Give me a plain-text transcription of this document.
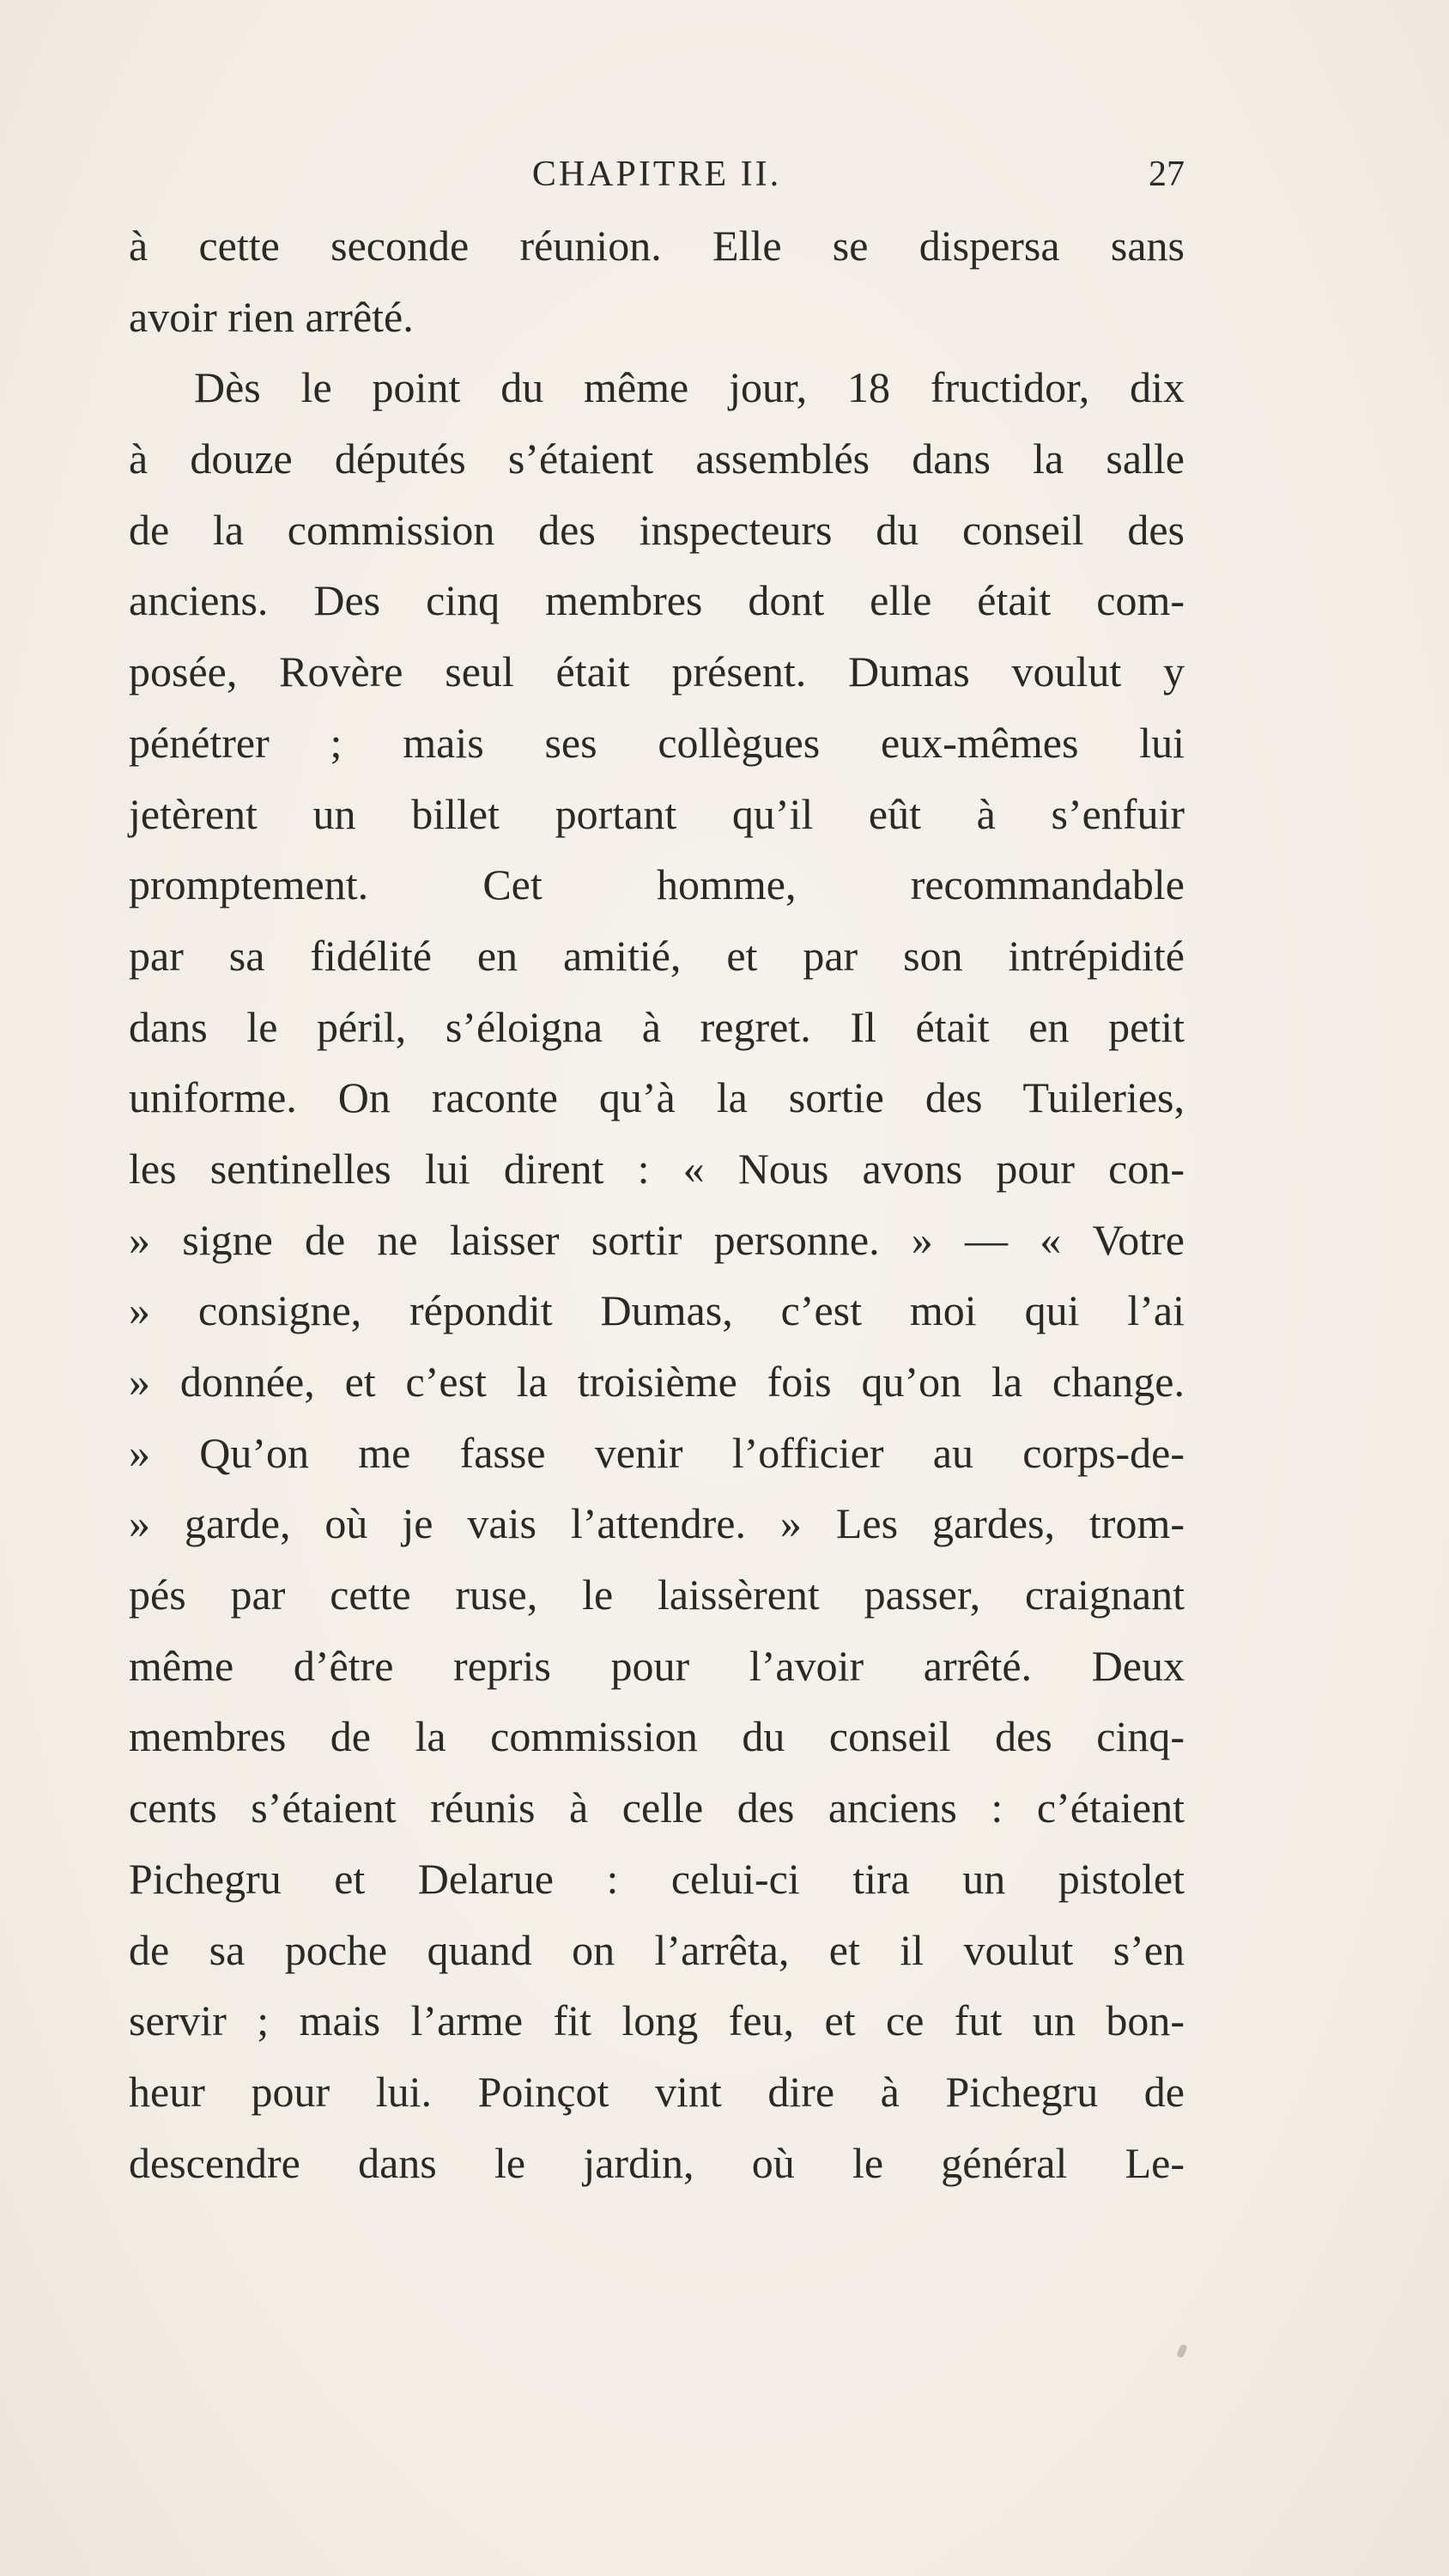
CHAPITRE II.	27
à cette seconde réunion. Elle se dispersa sans
avoir rien arrêté.
Dès le point du même jour, 18 fructidor, dix
à douze députés s’étaient assemblés dans la salle
de la commission des inspecteurs du conseil des
anciens. Des cinq membres dont elle était com-
posée, Rovère seul était présent. Dumas voulut y
pénétrer ; mais ses collègues eux-mêmes lui
jetèrent un billet portant qu’il eût à s’enfuir
promptement. Cet homme, recommandable
par sa fidélité en amitié, et par son intrépidité
dans le péril, s’éloigna à regret. Il était en petit
uniforme. On raconte qu’à la sortie des Tuileries,
les sentinelles lui dirent : « Nous avons pour con-
» signe de ne laisser sortir personne. » — « Votre
» consigne, répondit Dumas, c’est moi qui l’ai
» donnée, et c’est la troisième fois qu’on la change.
» Qu’on me fasse venir l’officier au corps-de-
» garde, où je vais l’attendre. » Les gardes, trom-
pés par cette ruse, le laissèrent passer, craignant
même d’être repris pour l’avoir arrêté. Deux
membres de la commission du conseil des cinq-
cents s’étaient réunis à celle des anciens : c’étaient
Pichegru et Delarue : celui-ci tira un pistolet
de sa poche quand on l’arrêta, et il voulut s’en
servir ; mais l’arme fit long feu, et ce fut un bon-
heur pour lui. Poinçot vint dire à Pichegru de
descendre dans le jardin, où le général Le-
